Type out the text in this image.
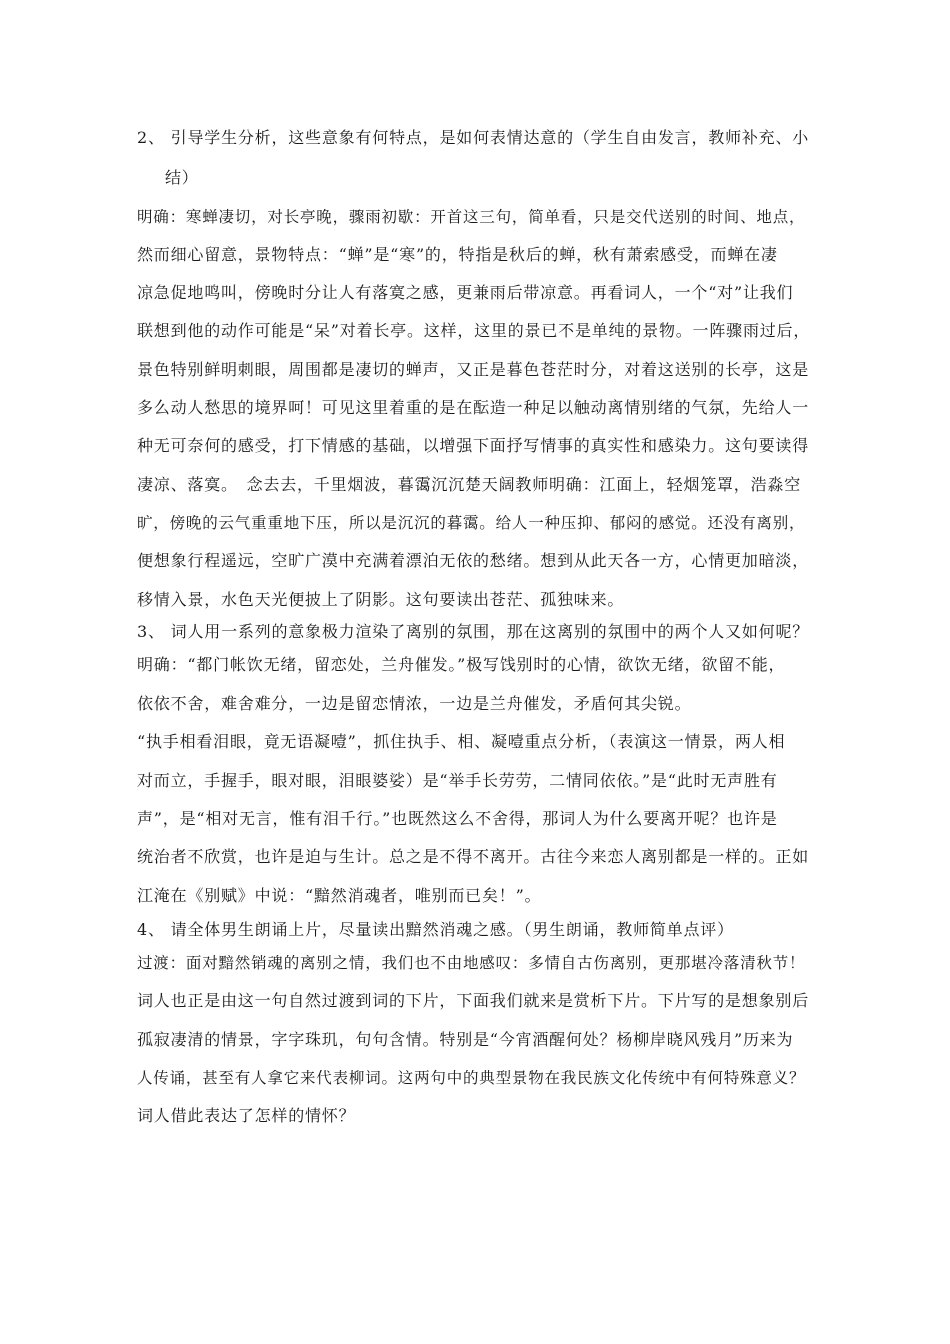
2、 引导学生分析，这些意象有何特点，是如何表情达意的（学生自由发言，教师补充、小
结）
明确：寒蝉凄切，对长亭晚，骤雨初歇：开首这三句，简单看，只是交代送别的时间、地点，
然而细心留意，景物特点：“蝉”是“寒”的，特指是秋后的蝉，秋有萧索感受，而蝉在凄
凉急促地鸣叫，傍晚时分让人有落寞之感，更兼雨后带凉意。再看词人，一个“对”让我们
联想到他的动作可能是“呆”对着长亭。这样，这里的景已不是单纯的景物。一阵骤雨过后，
景色特别鲜明刺眼，周围都是凄切的蝉声，又正是暮色苍茫时分，对着这送别的长亭，这是
多么动人愁思的境界呵！可见这里着重的是在酝造一种足以触动离情别绪的气氛，先给人一
种无可奈何的感受，打下情感的基础，以增强下面抒写情事的真实性和感染力。这句要读得
凄凉、落寞。　念去去，千里烟波，暮霭沉沉楚天阔教师明确：江面上，轻烟笼罩，浩淼空
旷，傍晚的云气重重地下压，所以是沉沉的暮霭。给人一种压抑、郁闷的感觉。还没有离别，
便想象行程遥远，空旷广漠中充满着漂泊无依的愁绪。想到从此天各一方，心情更加暗淡，
移情入景，水色天光便披上了阴影。这句要读出苍茫、孤独味来。
3、 词人用一系列的意象极力渲染了离别的氛围，那在这离别的氛围中的两个人又如何呢？
明确：“都门帐饮无绪，留恋处，兰舟催发。”极写饯别时的心情，欲饮无绪，欲留不能，
依依不舍，难舍难分，一边是留恋情浓，一边是兰舟催发，矛盾何其尖锐。
“执手相看泪眼，竟无语凝噎”，抓住执手、相、凝噎重点分析，（表演这一情景，两人相
对而立，手握手，眼对眼，泪眼婆娑）是“举手长劳劳，二情同依依。”是“此时无声胜有
声”，是“相对无言，惟有泪千行。”也既然这么不舍得，那词人为什么要离开呢？也许是
统治者不欣赏，也许是迫与生计。总之是不得不离开。古往今来恋人离别都是一样的。正如
江淹在《别赋》中说：“黯然消魂者，唯别而已矣！”。
4、 请全体男生朗诵上片，尽量读出黯然消魂之感。（男生朗诵，教师简单点评）
过渡：面对黯然销魂的离别之情，我们也不由地感叹：多情自古伤离别，更那堪冷落清秋节！
词人也正是由这一句自然过渡到词的下片，下面我们就来是赏析下片。下片写的是想象别后
孤寂凄清的情景，字字珠玑，句句含情。特别是“今宵酒醒何处？杨柳岸晓风残月”历来为
人传诵，甚至有人拿它来代表柳词。这两句中的典型景物在我民族文化传统中有何特殊意义？
词人借此表达了怎样的情怀？
